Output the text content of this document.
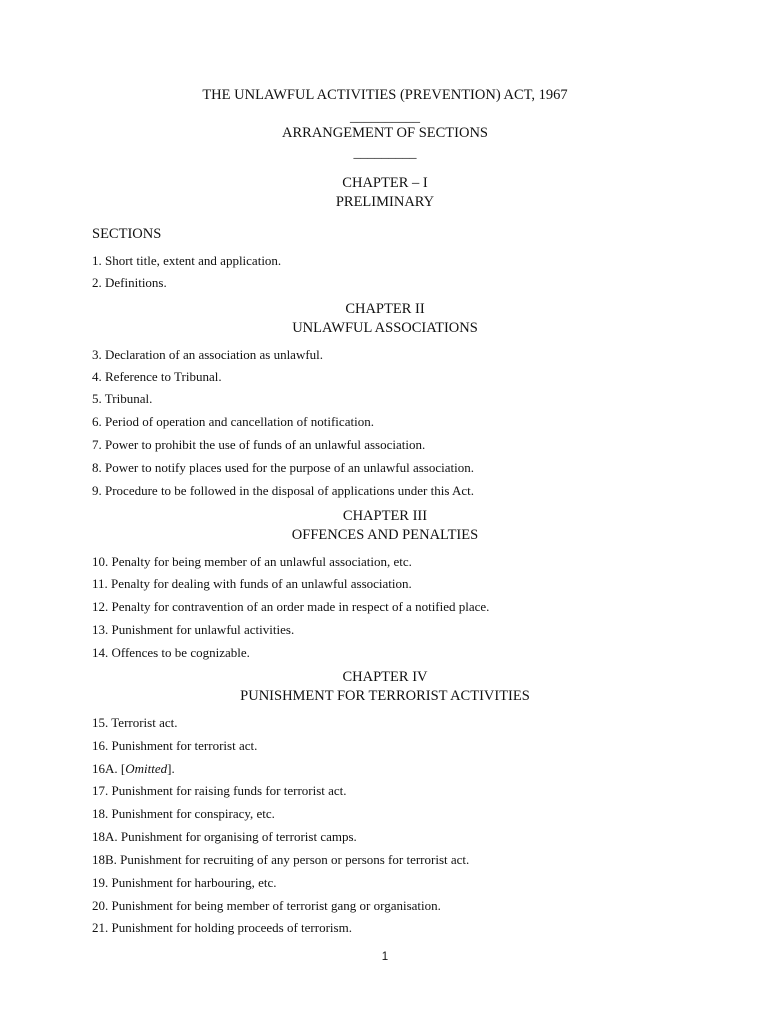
THE UNLAWFUL ACTIVITIES (PREVENTION) ACT, 1967
__________
ARRANGEMENT OF SECTIONS
_________
CHAPTER – I
PRELIMINARY
SECTIONS
1. Short title, extent and application.
2. Definitions.
CHAPTER II
UNLAWFUL ASSOCIATIONS
3. Declaration of an association as unlawful.
4. Reference to Tribunal.
5. Tribunal.
6. Period of operation and cancellation of notification.
7. Power to prohibit the use of funds of an unlawful association.
8. Power to notify places used for the purpose of an unlawful association.
9. Procedure to be followed in the disposal of applications under this Act.
CHAPTER III
OFFENCES AND PENALTIES
10. Penalty for being member of an unlawful association, etc.
11. Penalty for dealing with funds of an unlawful association.
12. Penalty for contravention of an order made in respect of a notified place.
13. Punishment for unlawful activities.
14. Offences to be cognizable.
CHAPTER IV
PUNISHMENT FOR TERRORIST ACTIVITIES
15. Terrorist act.
16. Punishment for terrorist act.
16A. [Omitted].
17. Punishment for raising funds for terrorist act.
18. Punishment for conspiracy, etc.
18A. Punishment for organising of terrorist camps.
18B. Punishment for recruiting of any person or persons for terrorist act.
19. Punishment for harbouring, etc.
20. Punishment for being member of terrorist gang or organisation.
21. Punishment for holding proceeds of terrorism.
1
